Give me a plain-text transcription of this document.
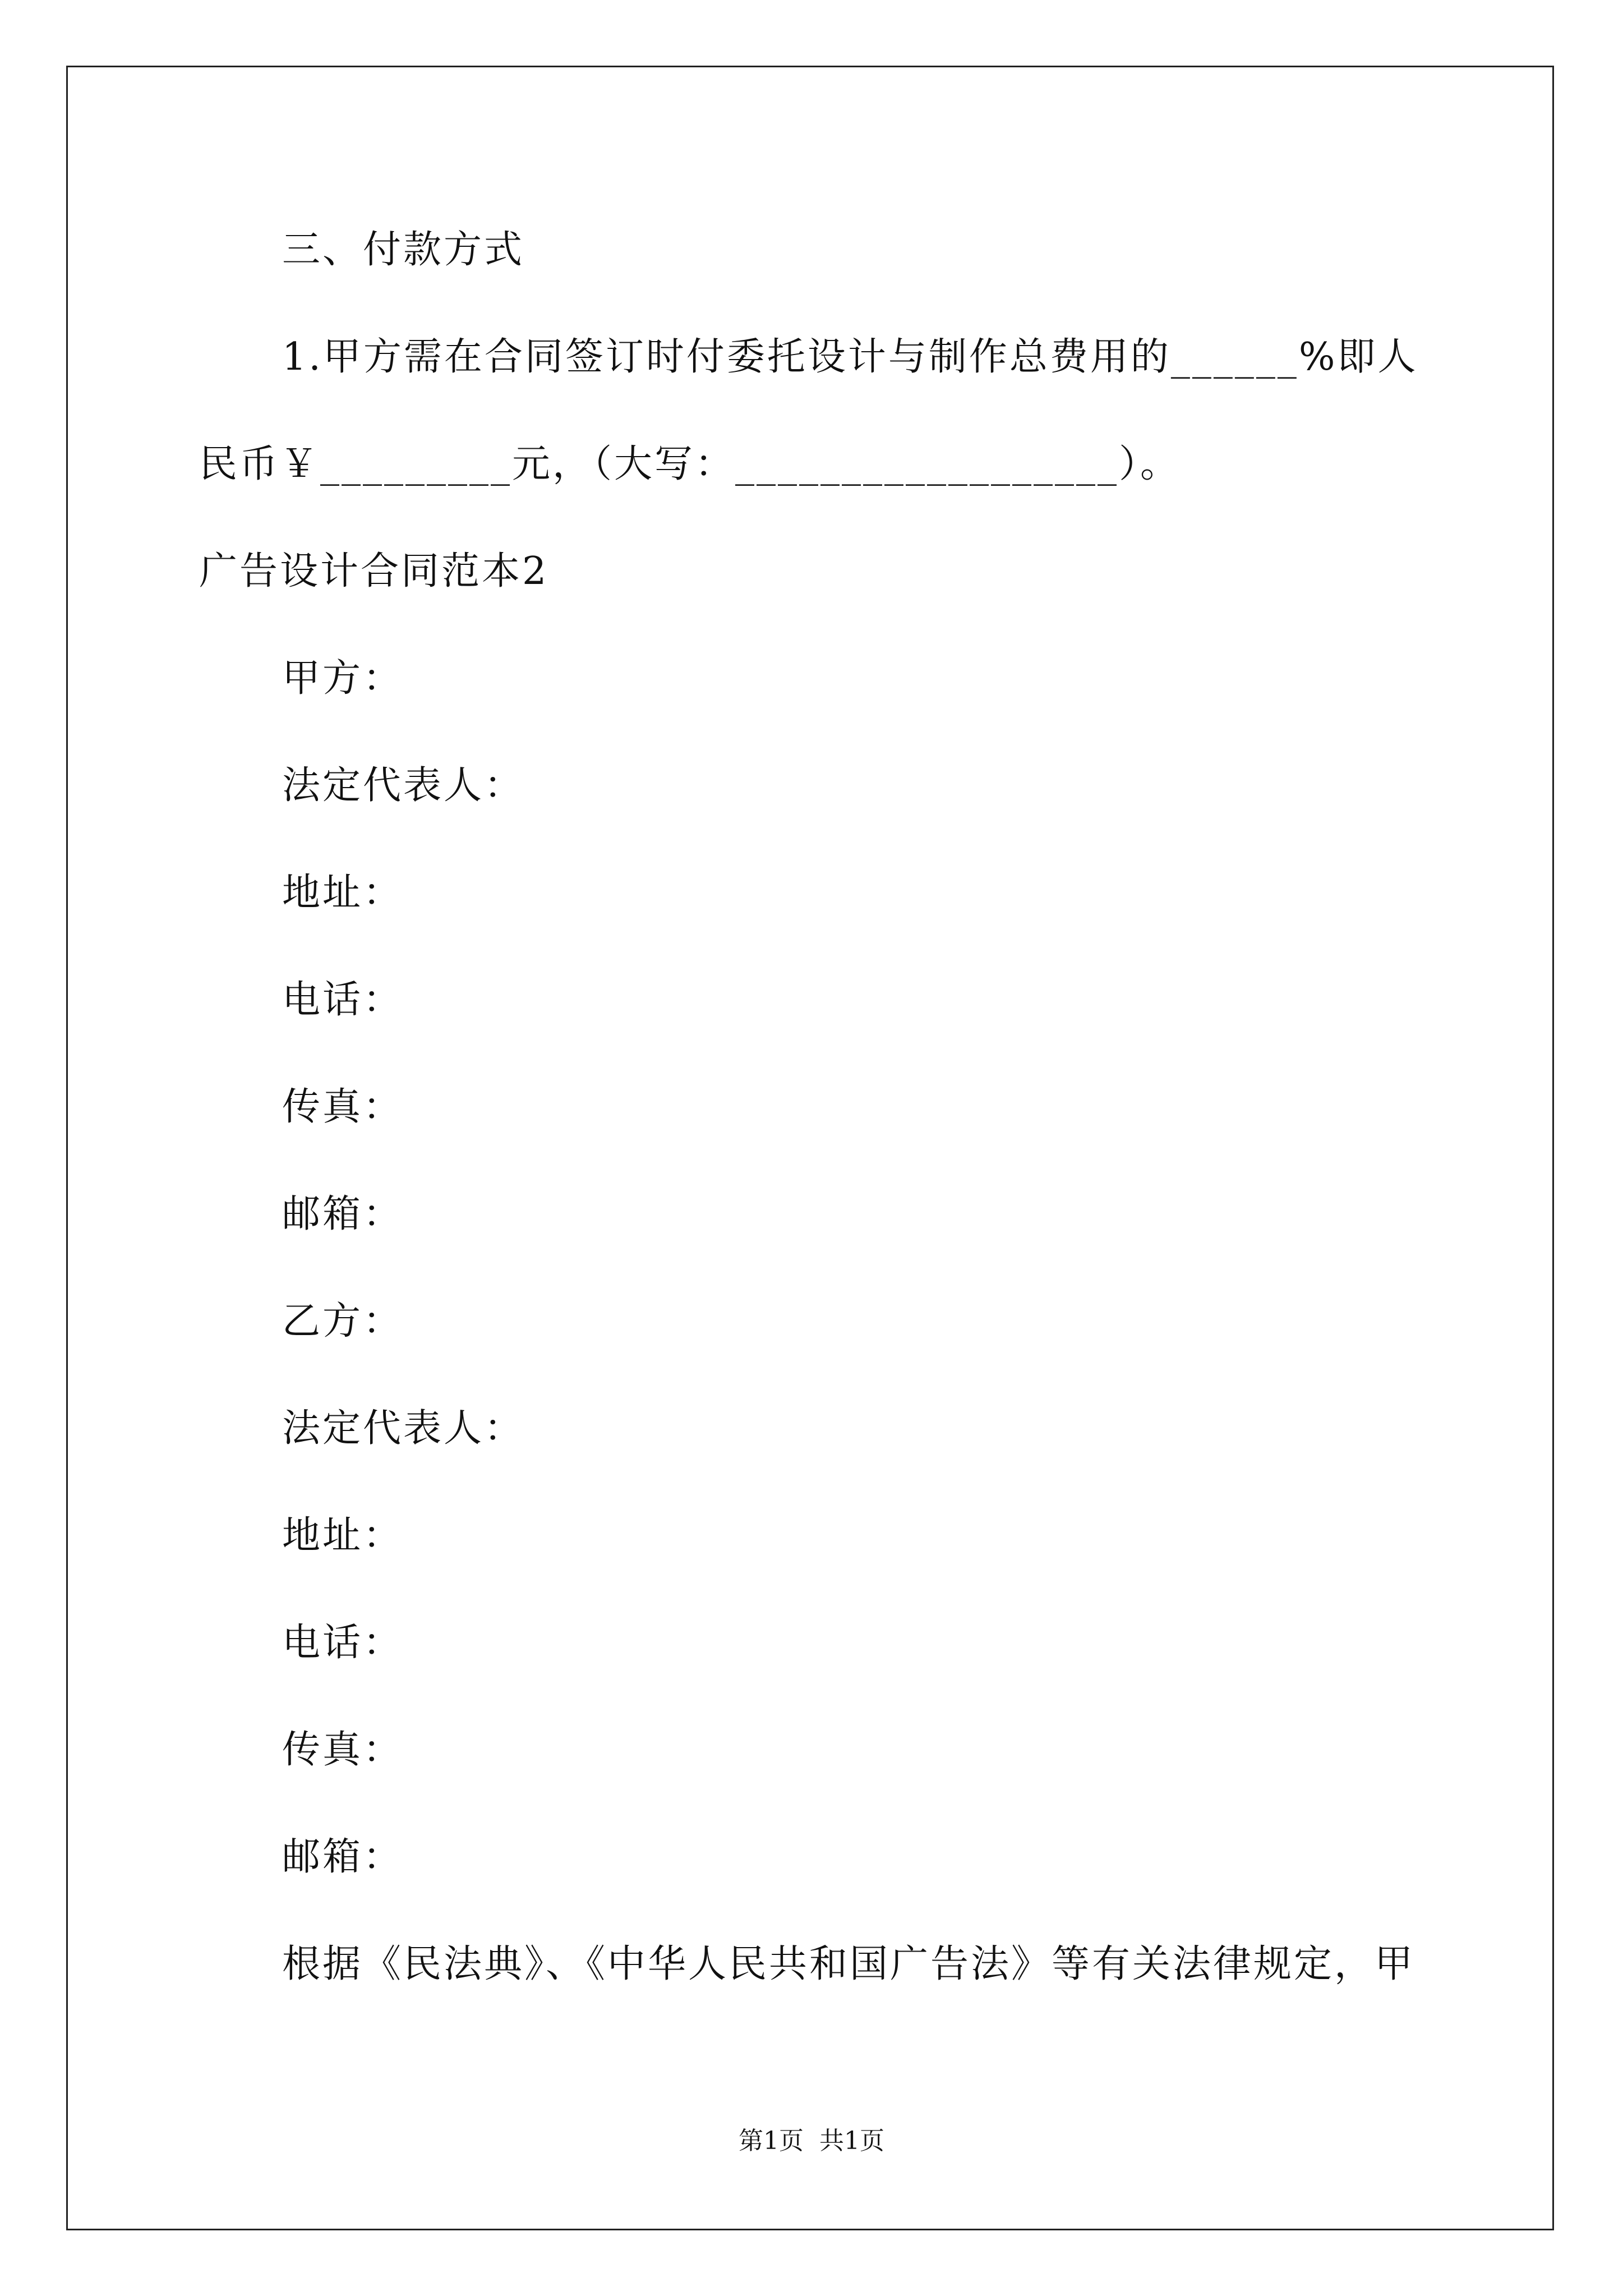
三、付款方式
1.甲方需在合同签订时付委托设计与制作总费用的______%即人
民币￥_________元，（大写：__________________）。
广告设计合同范本2
甲方：
法定代表人：
地址：
电话：
传真：
邮箱：
乙方：
法定代表人：
地址：
电话：
传真：
邮箱：
根据《民法典》、《中华人民共和国广告法》等有关法律规定，甲
第1页  共1页
